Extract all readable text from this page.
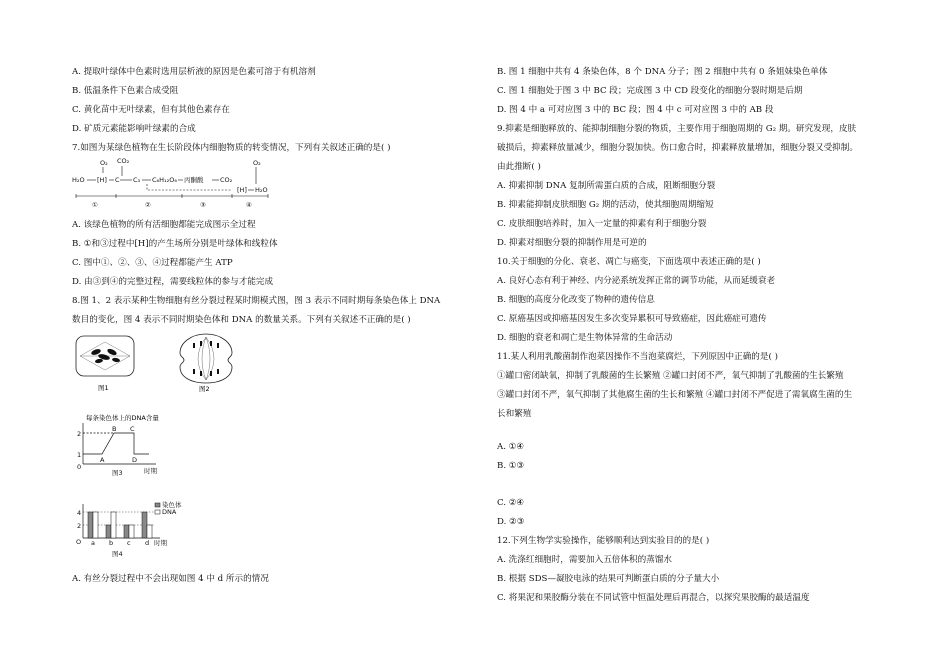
A. 提取叶绿体中色素时选用层析液的原因是色素可溶于有机溶剂
B. 低温条件下色素合成受阻
C. 黄化苗中无叶绿素，但有其他色素存在
D. 矿质元素能影响叶绿素的合成
7.如图为某绿色植物在生长阶段体内细胞物质的转变情况，下列有关叙述正确的是( )
O₂
H₂O [H]
CO₂
C C₃ C₆H₁₂O₆ 丙酮酸	CO₂
O₂
[H] H₂O
①	②	③	④
A. 该绿色植物的所有活细胞都能完成图示全过程
B. ①和③过程中[H]的产生场所分别是叶绿体和线粒体
C. 图中①、②、③、④过程都能产生 ATP
D. 由③到④的完整过程，需要线粒体的参与才能完成
8.图 1、2 表示某种生物细胞有丝分裂过程某时期模式图，图 3 表示不同时期每条染色体上 DNA
数目的变化，图 4 表示不同时期染色体和 DNA 的数量关系。下列有关叙述不正确的是( )
图1	图2
每条染色体上的DNA含量
2
1
0
A
B C
D
时期
图3
染色体
DNA
4
2
O a b c d 时期
图4
A. 有丝分裂过程中不会出现如图 4 中 d 所示的情况
B. 图 1 细胞中共有 4 条染色体，8 个 DNA 分子；图 2 细胞中共有 0 条姐妹染色单体
C. 图 1 细胞处于图 3 中 BC 段；完成图 3 中 CD 段变化的细胞分裂时期是后期
D. 图 4 中 a 可对应图 3 中的 BC 段；图 4 中 c 可对应图 3 中的 AB 段
9.抑素是细胞释放的、能抑制细胞分裂的物质，主要作用于细胞周期的 G₂ 期。研究发现，皮肤
破损后，抑素释放量减少，细胞分裂加快。伤口愈合时，抑素释放量增加，细胞分裂又受抑制。
由此推断( )
A. 抑素抑制 DNA 复制所需蛋白质的合成，阻断细胞分裂
B. 抑素能抑制皮肤细胞 G₂ 期的活动，使其细胞周期缩短
C. 皮肤细胞培养时，加入一定量的抑素有利于细胞分裂
D. 抑素对细胞分裂的抑制作用是可逆的
10.关于细胞的分化、衰老、凋亡与癌变，下面选项中表述正确的是( )
A. 良好心态有利于神经、内分泌系统发挥正常的调节功能，从而延缓衰老
B. 细胞的高度分化改变了物种的遗传信息
C. 原癌基因或抑癌基因发生多次变异累积可导致癌症，因此癌症可遗传
D. 细胞的衰老和凋亡是生物体异常的生命活动
11.某人利用乳酸菌制作泡菜因操作不当泡菜腐烂，下列原因中正确的是( )
①罐口密闭缺氧，抑制了乳酸菌的生长繁殖 ②罐口封闭不严，氧气抑制了乳酸菌的生长繁殖
③罐口封闭不严，氧气抑制了其他腐生菌的生长和繁殖 ④罐口封闭不严促进了需氧腐生菌的生
长和繁殖
A. ①④
B. ①③
C. ②④
D. ②③
12.下列生物学实验操作，能够顺利达到实验目的的是( )
A. 洗涤红细胞时，需要加入五倍体积的蒸馏水
B. 根据 SDS—凝胶电泳的结果可判断蛋白质的分子量大小
C. 将果泥和果胶酶分装在不同试管中恒温处理后再混合，以探究果胶酶的最适温度
